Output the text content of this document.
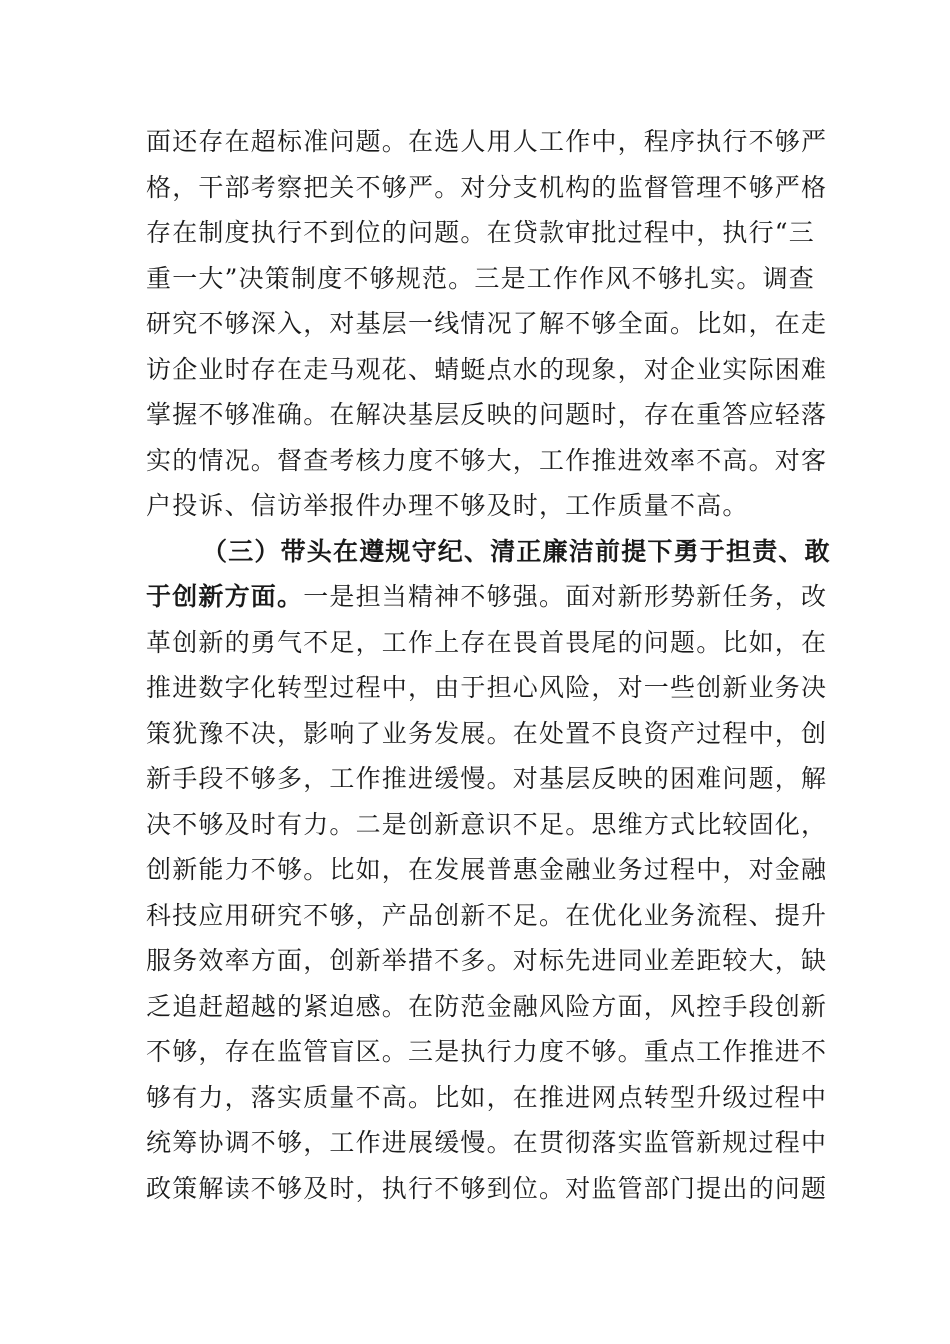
面还存在超标准问题。在选人用人工作中，程序执行不够严
格，干部考察把关不够严。对分支机构的监督管理不够严格
存在制度执行不到位的问题。在贷款审批过程中，执行“三
重一大”决策制度不够规范。三是工作作风不够扎实。调查
研究不够深入，对基层一线情况了解不够全面。比如，在走
访企业时存在走马观花、蜻蜓点水的现象，对企业实际困难
掌握不够准确。在解决基层反映的问题时，存在重答应轻落
实的情况。督查考核力度不够大，工作推进效率不高。对客
户投诉、信访举报件办理不够及时，工作质量不高。
（三）带头在遵规守纪、清正廉洁前提下勇于担责、敢
于创新方面。一是担当精神不够强。面对新形势新任务，改
革创新的勇气不足，工作上存在畏首畏尾的问题。比如，在
推进数字化转型过程中，由于担心风险，对一些创新业务决
策犹豫不决，影响了业务发展。在处置不良资产过程中，创
新手段不够多，工作推进缓慢。对基层反映的困难问题，解
决不够及时有力。二是创新意识不足。思维方式比较固化，
创新能力不够。比如，在发展普惠金融业务过程中，对金融
科技应用研究不够，产品创新不足。在优化业务流程、提升
服务效率方面，创新举措不多。对标先进同业差距较大，缺
乏追赶超越的紧迫感。在防范金融风险方面，风控手段创新
不够，存在监管盲区。三是执行力度不够。重点工作推进不
够有力，落实质量不高。比如，在推进网点转型升级过程中
统筹协调不够，工作进展缓慢。在贯彻落实监管新规过程中
政策解读不够及时，执行不够到位。对监管部门提出的问题
